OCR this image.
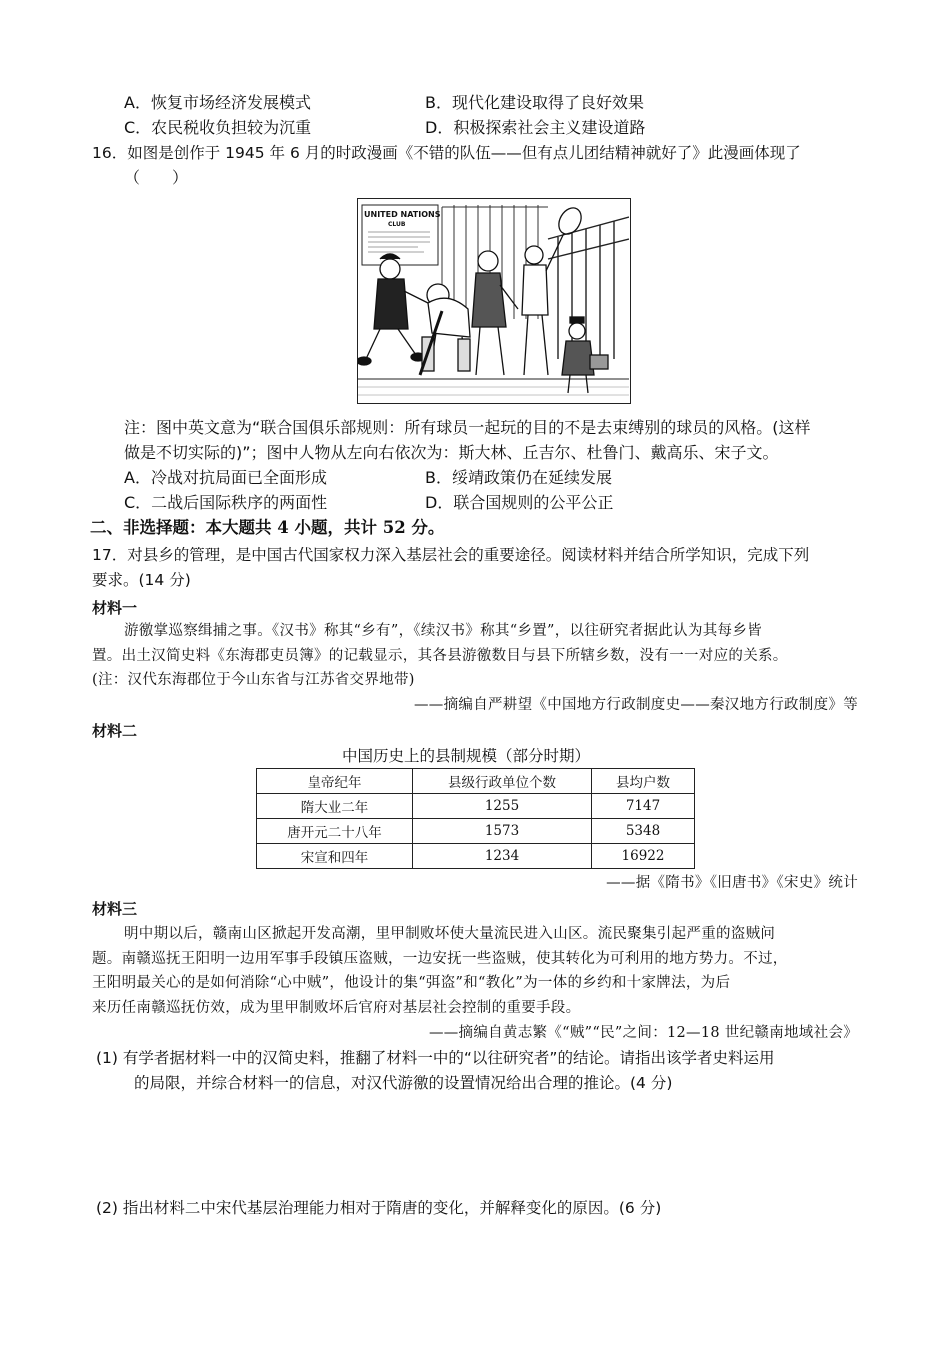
A．恢复市场经济发展模式	B．现代化建设取得了良好效果
C．农民税收负担较为沉重	D．积极探索社会主义建设道路
16．如图是创作于 1945 年 6 月的时政漫画《不错的队伍——但有点儿团结精神就好了》此漫画体现了
（　　）
UNITED NATIONS
CLUB
注：图中英文意为“联合国俱乐部规则：所有球员一起玩的目的不是去束缚别的球员的风格。(这样
做是不切实际的)”；图中人物从左向右依次为：斯大林、丘吉尔、杜鲁门、戴高乐、宋子文。
A．冷战对抗局面已全面形成	B．绥靖政策仍在延续发展
C．二战后国际秩序的两面性	D．联合国规则的公平公正
二、非选择题：本大题共 4 小题，共计 52 分。
17．对县乡的管理，是中国古代国家权力深入基层社会的重要途径。阅读材料并结合所学知识，完成下列
要求。(14 分)
材料一
游徼掌巡察缉捕之事。《汉书》称其“乡有”，《续汉书》称其“乡置”，以往研究者据此认为其每乡皆
置。出土汉简史料《东海郡吏员簿》的记载显示，其各县游徼数目与县下所辖乡数，没有一一对应的关系。
(注：汉代东海郡位于今山东省与江苏省交界地带)
——摘编自严耕望《中国地方行政制度史——秦汉地方行政制度》等
材料二
中国历史上的县制规模（部分时期）
皇帝纪年	县级行政单位个数	县均户数
隋大业二年	1255	7147
唐开元二十八年	1573	5348
宋宣和四年	1234	16922
——据《隋书》《旧唐书》《宋史》统计
材料三
明中期以后，赣南山区掀起开发高潮，里甲制败坏使大量流民进入山区。流民聚集引起严重的盗贼问
题。南赣巡抚王阳明一边用军事手段镇压盗贼，一边安抚一些盗贼，使其转化为可利用的地方势力。不过，
王阳明最关心的是如何消除“心中贼”，他设计的集“弭盗”和“教化”为一体的乡约和十家牌法，为后
来历任南赣巡抚仿效，成为里甲制败坏后官府对基层社会控制的重要手段。
——摘编自黄志繁《“贼”“民”之间：12—18 世纪赣南地域社会》
(1) 有学者据材料一中的汉简史料，推翻了材料一中的“以往研究者”的结论。请指出该学者史料运用
的局限，并综合材料一的信息，对汉代游徼的设置情况给出合理的推论。(4 分)
(2) 指出材料二中宋代基层治理能力相对于隋唐的变化，并解释变化的原因。(6 分)
